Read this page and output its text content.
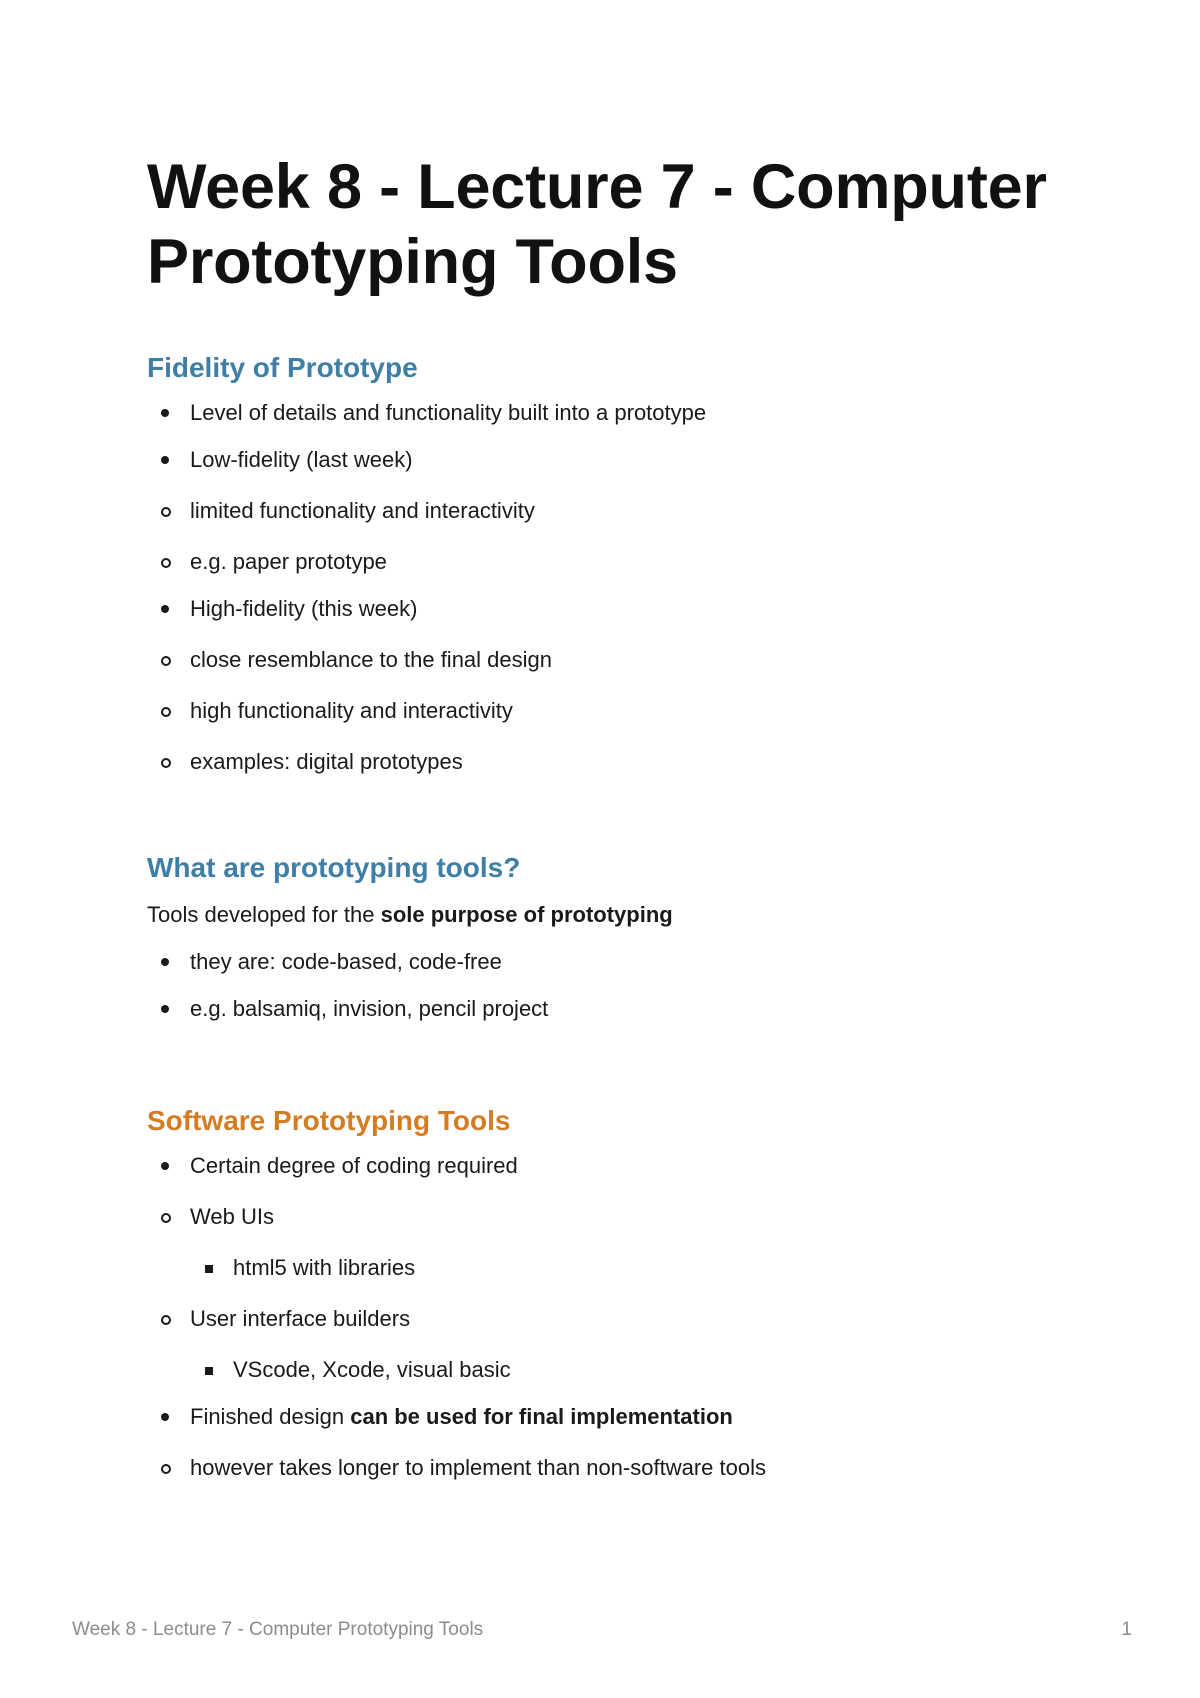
Week 8 - Lecture 7 - Computer
Prototyping Tools
Fidelity of Prototype
Level of details and functionality built into a prototype
Low-fidelity (last week)
limited functionality and interactivity
e.g. paper prototype
High-fidelity (this week)
close resemblance to the final design
high functionality and interactivity
examples: digital prototypes
What are prototyping tools?

Tools developed for the sole purpose of prototyping

they are: code-based, code-free
e.g. balsamiq, invision, pencil project
Software Prototyping Tools
Certain degree of coding required
Web UIs
html5 with libraries
User interface builders
VScode, Xcode, visual basic
Finished design can be used for final implementation
however takes longer to implement than non-software tools
Week 8 - Lecture 7 - Computer Prototyping Tools	1
